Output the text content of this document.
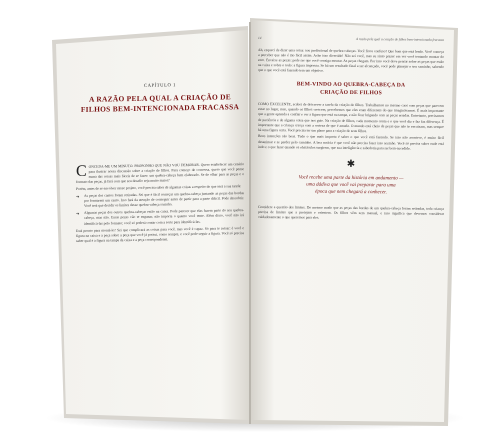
CAPÍTULO 1
A RAZÃO PELA QUAL A CRIAÇÃO DE
FILHOS BEM-INTENCIONADA FRACASSA

C ONCEDA-ME UM MINUTO. PROPONHO QUE NÃO VOU DEMORAR. Quero estabelecer um cenário para ilustrar nossa discussão sobre a criação de filhos. Para começo de conversa, quero que você pense numa das coisas mais fáceis de se fazer: um quebra-cabeça bem elaborado. Se de olhar para as peças e o formato das peças, já fará com que seu desafio seja muito maior?

Porém, antes de se envolver nesse projeto, você precisa saber de algumas coisas a respeito do que será a sua tarefa:

➔	As peças dos cantos foram retiradas. Sei que é fácil começar um quebra-cabeça juntando as peças das bordas por formarem um canto. Isso fará da atenção de conseguir antes de partir para a parte difícil. Pode descobrir. Você terá que decidir os limites desse quebra-cabeça sozinho.
➔	Algumas peças dos outros quebra-cabeças estão na caixa. Pode parecer que elas fazem parte do seu quebra-cabeça, mas não. Essas peças vão te enganar, não importa o quanto você tente. Além disso, você não irá identificá-las pelo formato; você só poderá contar com a sorte para identificá-las.

Está pronto para montá-lo? Sei que complicará as coisas para você, mas você é capaz. Só para te avisar: é você e figura na caixa e a peça sobre a peça que você já possui, como sempre, e você pode seguir a figura. Você só precisa saber qual é a figura na tampa da caixa e a peça correspondente.

14	A razão pela qual a criação de filhos bem-intencionada fracassa

Ah, esqueci de dizer uma coisa: sou profissional de quebra-cabeças. Você ficou confuso? Que bom que está lendo. Você começa a perceber que não é tão fácil assim. Acho isso divertido! Não sei você, mas eu sinto prazer em ver você tentando montar do zero. Encaixe as peças: pode ser que você consiga montar. As peças chegam. Por isso você deve pensar sobre as peças que estão na caixa e sobre o todo: a figura impressa. Se há um resultado final a ser alcançado, você pode planejar o seu caminho, sabendo que o que você está fazendo tem um objetivo.

BEM-VINDO AO QUEBRA-CABEÇA DA
CRIAÇÃO DE FILHOS

COMO EXCELENTE, acabei de descrever a tarefa da criação de filhos. Trabalhamos no mesmo caos com peças que parecem estar no lugar, mas, quando os filhos crescem, percebemos que eles eram diferentes do que imaginávamos. É mais importante que a gente aprenda a confiar e ver a figura que está na tampa, e não ficar brigando com as peças erradas. Entretanto, precisamos de paciência e de alguma coisa que nos guie. Na criação de filhos, cada momento conta e o que você diz e faz faz diferença. É importante que a criança cresça com a certeza de que é amada. O mundo está cheio de peças que não se encaixam, mas sempre há uma figura certa. Você precisa ter um plano para a criação de seus filhos.

Bons intenções são boas. Tudo o que mais importa é saber o que você está fazendo. Se isso não acontece, é muito fácil desanimar e se perder pelo caminho. A boa notícia é que você não precisa fazer isso sozinho. Você só precisa saber onde está indo e o que fazer quando os obstáculos surgirem, que sua inteligência e sabedoria para ser bem-sucedido.

✱
Você recebe uma parte da história em andamento —
uma dádiva que você vai preparar para uma
época que nem chegará a conhecer.

Considere a questão dos limites. Do mesmo modo que as peças das bordas de um quebra-cabeça foram retiradas, toda criança precisa de limites que a protejam e orientem. Os filhos vêm sem manual, e isso significa que devemos considerar cuidadosamente o que queremos para eles.
